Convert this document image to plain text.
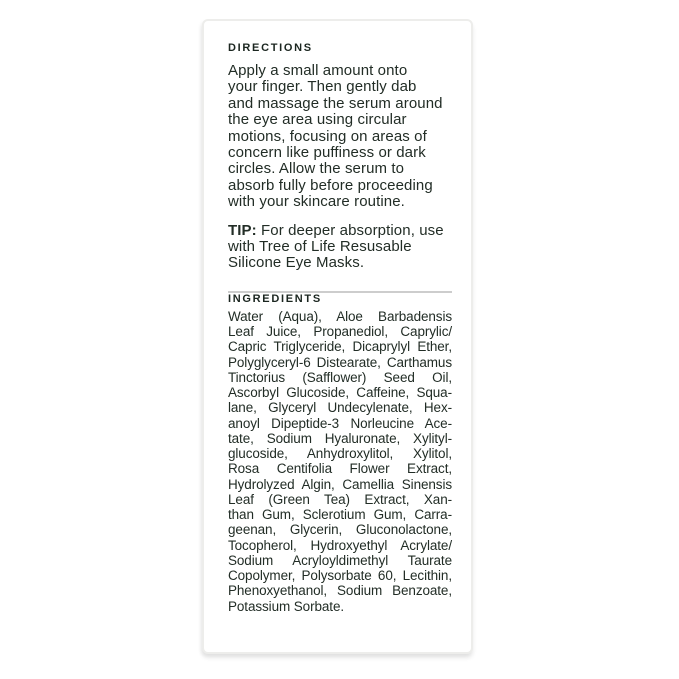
DIRECTIONS
Apply a small amount onto
your finger. Then gently dab
and massage the serum around
the eye area using circular
motions, focusing on areas of
concern like puffiness or dark
circles. Allow the serum to
absorb fully before proceeding
with your skincare routine.
TIP: For deeper absorption, use
with Tree of Life Resusable
Silicone Eye Masks.
INGREDIENTS
Water (Aqua), Aloe Barbadensis
Leaf Juice, Propanediol, Caprylic/
Capric Triglyceride, Dicaprylyl Ether,
Polyglyceryl-6 Distearate, Carthamus
Tinctorius (Safflower) Seed Oil,
Ascorbyl Glucoside, Caffeine, Squa-
lane, Glyceryl Undecylenate, Hex-
anoyl Dipeptide-3 Norleucine Ace-
tate, Sodium Hyaluronate, Xylityl-
glucoside, Anhydroxylitol, Xylitol,
Rosa Centifolia Flower Extract,
Hydrolyzed Algin, Camellia Sinensis
Leaf (Green Tea) Extract, Xan-
than Gum, Sclerotium Gum, Carra-
geenan, Glycerin, Gluconolactone,
Tocopherol, Hydroxyethyl Acrylate/
Sodium Acryloyldimethyl Taurate
Copolymer, Polysorbate 60, Lecithin,
Phenoxyethanol, Sodium Benzoate,
Potassium Sorbate.
